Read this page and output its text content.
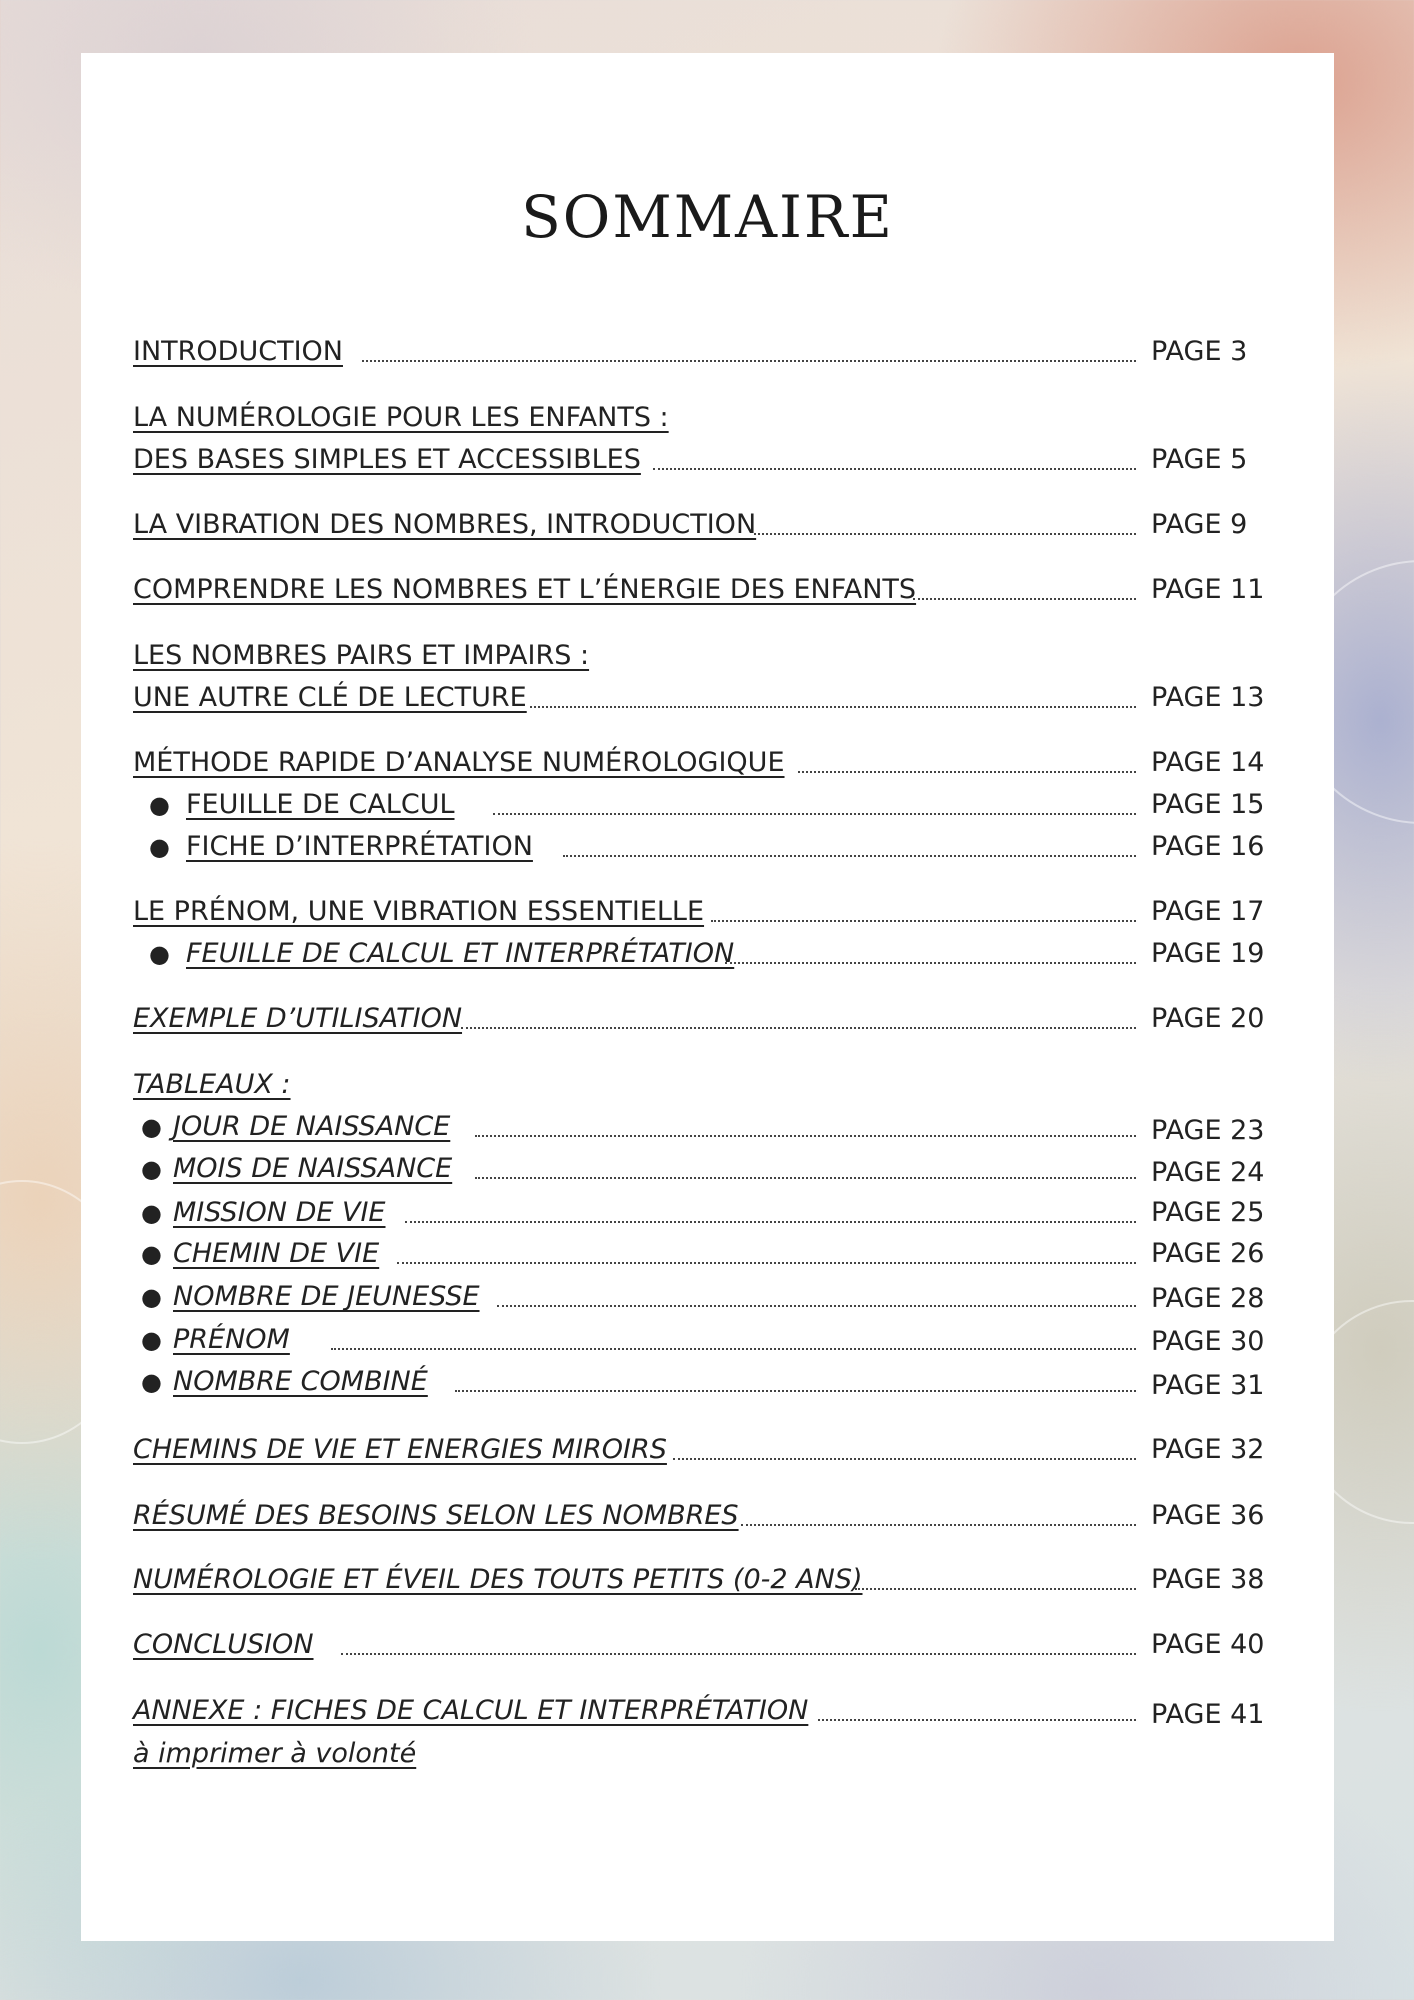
SOMMAIRE
INTRODUCTION	PAGE 3
LA NUMÉROLOGIE POUR LES ENFANTS :
DES BASES SIMPLES ET ACCESSIBLES	PAGE 5
LA VIBRATION DES NOMBRES, INTRODUCTION	PAGE 9
COMPRENDRE LES NOMBRES ET L’ÉNERGIE DES ENFANTS	PAGE 11
LES NOMBRES PAIRS ET IMPAIRS :
UNE AUTRE CLÉ DE LECTURE	PAGE 13
MÉTHODE RAPIDE D’ANALYSE NUMÉROLOGIQUE	PAGE 14
● FEUILLE DE CALCUL	PAGE 15
● FICHE D’INTERPRÉTATION	PAGE 16
LE PRÉNOM, UNE VIBRATION ESSENTIELLE	PAGE 17
● FEUILLE DE CALCUL ET INTERPRÉTATION	PAGE 19
EXEMPLE D’UTILISATION	PAGE 20
TABLEAUX :
● JOUR DE NAISSANCE	PAGE 23
● MOIS DE NAISSANCE	PAGE 24
● MISSION DE VIE	PAGE 25
● CHEMIN DE VIE	PAGE 26
● NOMBRE DE JEUNESSE	PAGE 28
● PRÉNOM	PAGE 30
● NOMBRE COMBINÉ	PAGE 31
CHEMINS DE VIE ET ENERGIES MIROIRS	PAGE 32
RÉSUMÉ DES BESOINS SELON LES NOMBRES	PAGE 36
NUMÉROLOGIE ET ÉVEIL DES TOUTS PETITS (0-2 ANS)	PAGE 38
CONCLUSION	PAGE 40
ANNEXE : FICHES DE CALCUL ET INTERPRÉTATION	PAGE 41
à imprimer à volonté
